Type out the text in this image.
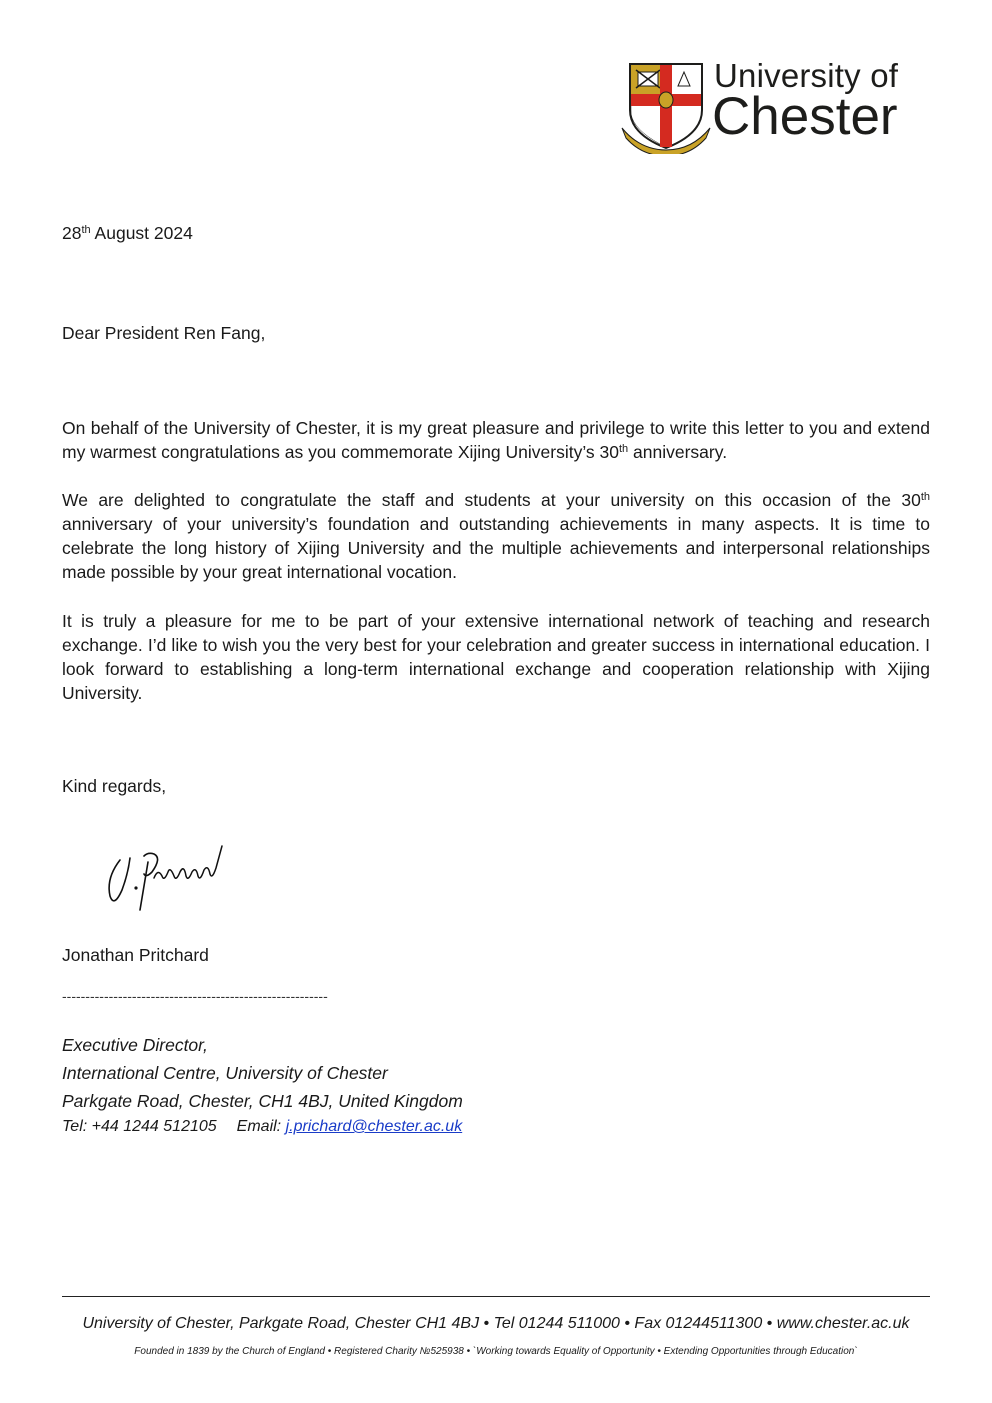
University of
Chester
28th August 2024
Dear President Ren Fang,

On behalf of the University of Chester, it is my great pleasure and privilege to write this letter to you and extend my warmest congratulations as you commemorate Xijing University’s 30th anniversary.

We are delighted to congratulate the staff and students at your university on this occasion of the 30th anniversary of your university’s foundation and outstanding achievements in many aspects. It is time to celebrate the long history of Xijing University and the multiple achievements and interpersonal relationships made possible by your great international vocation.

It is truly a pleasure for me to be part of your extensive international network of teaching and research exchange. I’d like to wish you the very best for your celebration and greater success in international education. I look forward to establishing a long-term international exchange and cooperation relationship with Xijing University.

Kind regards,
Jonathan Pritchard
---------------------------------------------------------
Executive Director,
International Centre, University of Chester
Parkgate Road, Chester, CH1 4BJ, United Kingdom
Tel: +44 1244 512105 Email: j.prichard@chester.ac.uk
University of Chester, Parkgate Road, Chester CH1 4BJ • Tel 01244 511000 • Fax 01244511300 • www.chester.ac.uk
Founded in 1839 by the Church of England • Registered Charity №525938 • `Working towards Equality of Opportunity • Extending Opportunities through Education`
